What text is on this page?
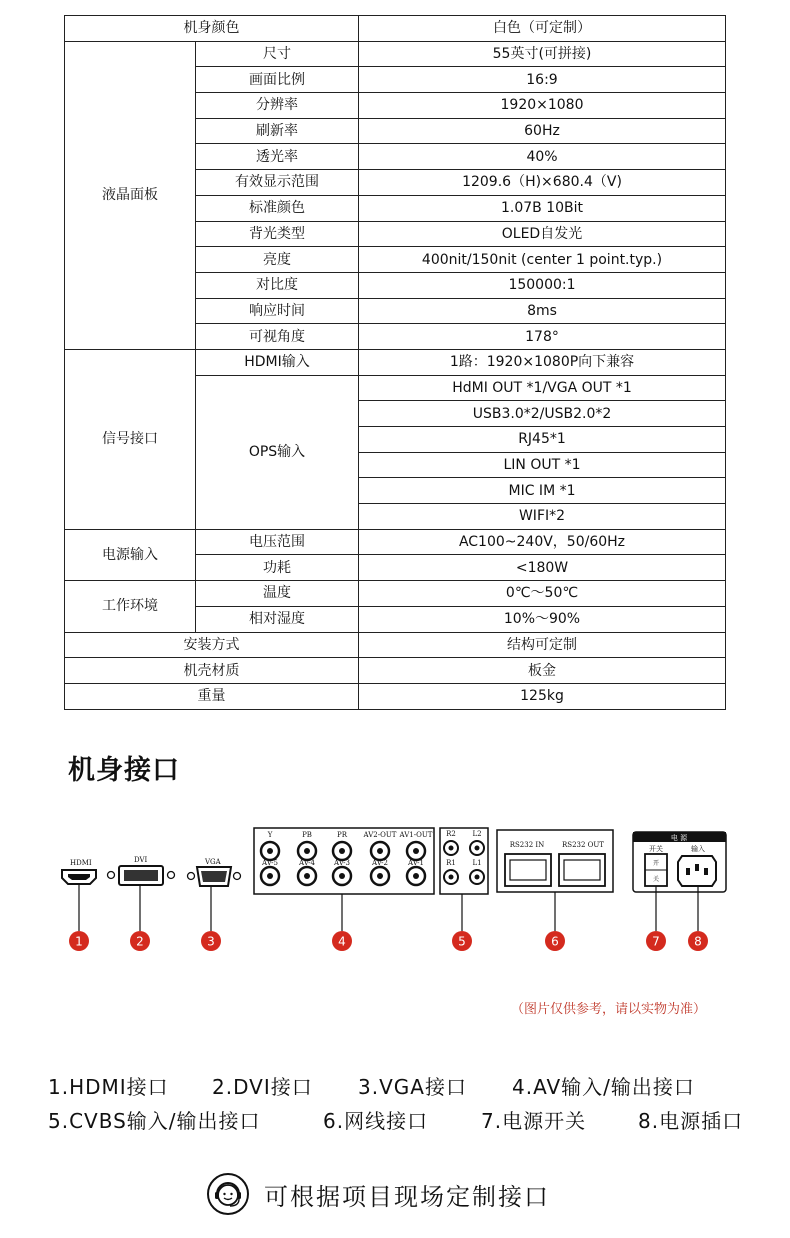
机身颜色		白色（可定制）
液晶面板	尺寸	55英寸(可拼接)
	画面比例	16:9
	分辨率	1920×1080
	刷新率	60Hz
	透光率	40%
	有效显示范围	1209.6（H)×680.4（V)
	标准颜色	1.07B 10Bit
	背光类型	OLED自发光
	亮度	400nit/150nit (center 1 point.typ.)
	对比度	150000:1
	响应时间	8ms
	可视角度	178°
信号接口	HDMI输入	1路：1920×1080P向下兼容
	OPS输入	HdMI OUT *1/VGA OUT *1
		USB3.0*2/USB2.0*2
		RJ45*1
		LIN OUT *1
		MIC IM *1
		WIFI*2
电源输入	电压范围	AC100~240V，50/60Hz
	功耗	<180W
工作环境	温度	0℃～50℃
	相对湿度	10%～90%
安装方式		结构可定制
机壳材质		板金
重量		125kg
机身接口
HDMI	DVI	VGA
Y	PB	PR AV2-OUT AV1-OUT
AV-5	AV-4	AV-3	AV-2	AV-1
R2 L2
R1 L1
RS232 IN	RS232 OUT
电 源
开关	输入
开
关
1	2	3	4	5	6	7	8
（图片仅供参考，请以实物为准）
1.HDMI接口 2.DVI接口 3.VGA接口 4.AV输入/输出接口
5.CVBS输入/输出接口	6.网线接口	7.电源开关	8.电源插口
可根据项目现场定制接口
